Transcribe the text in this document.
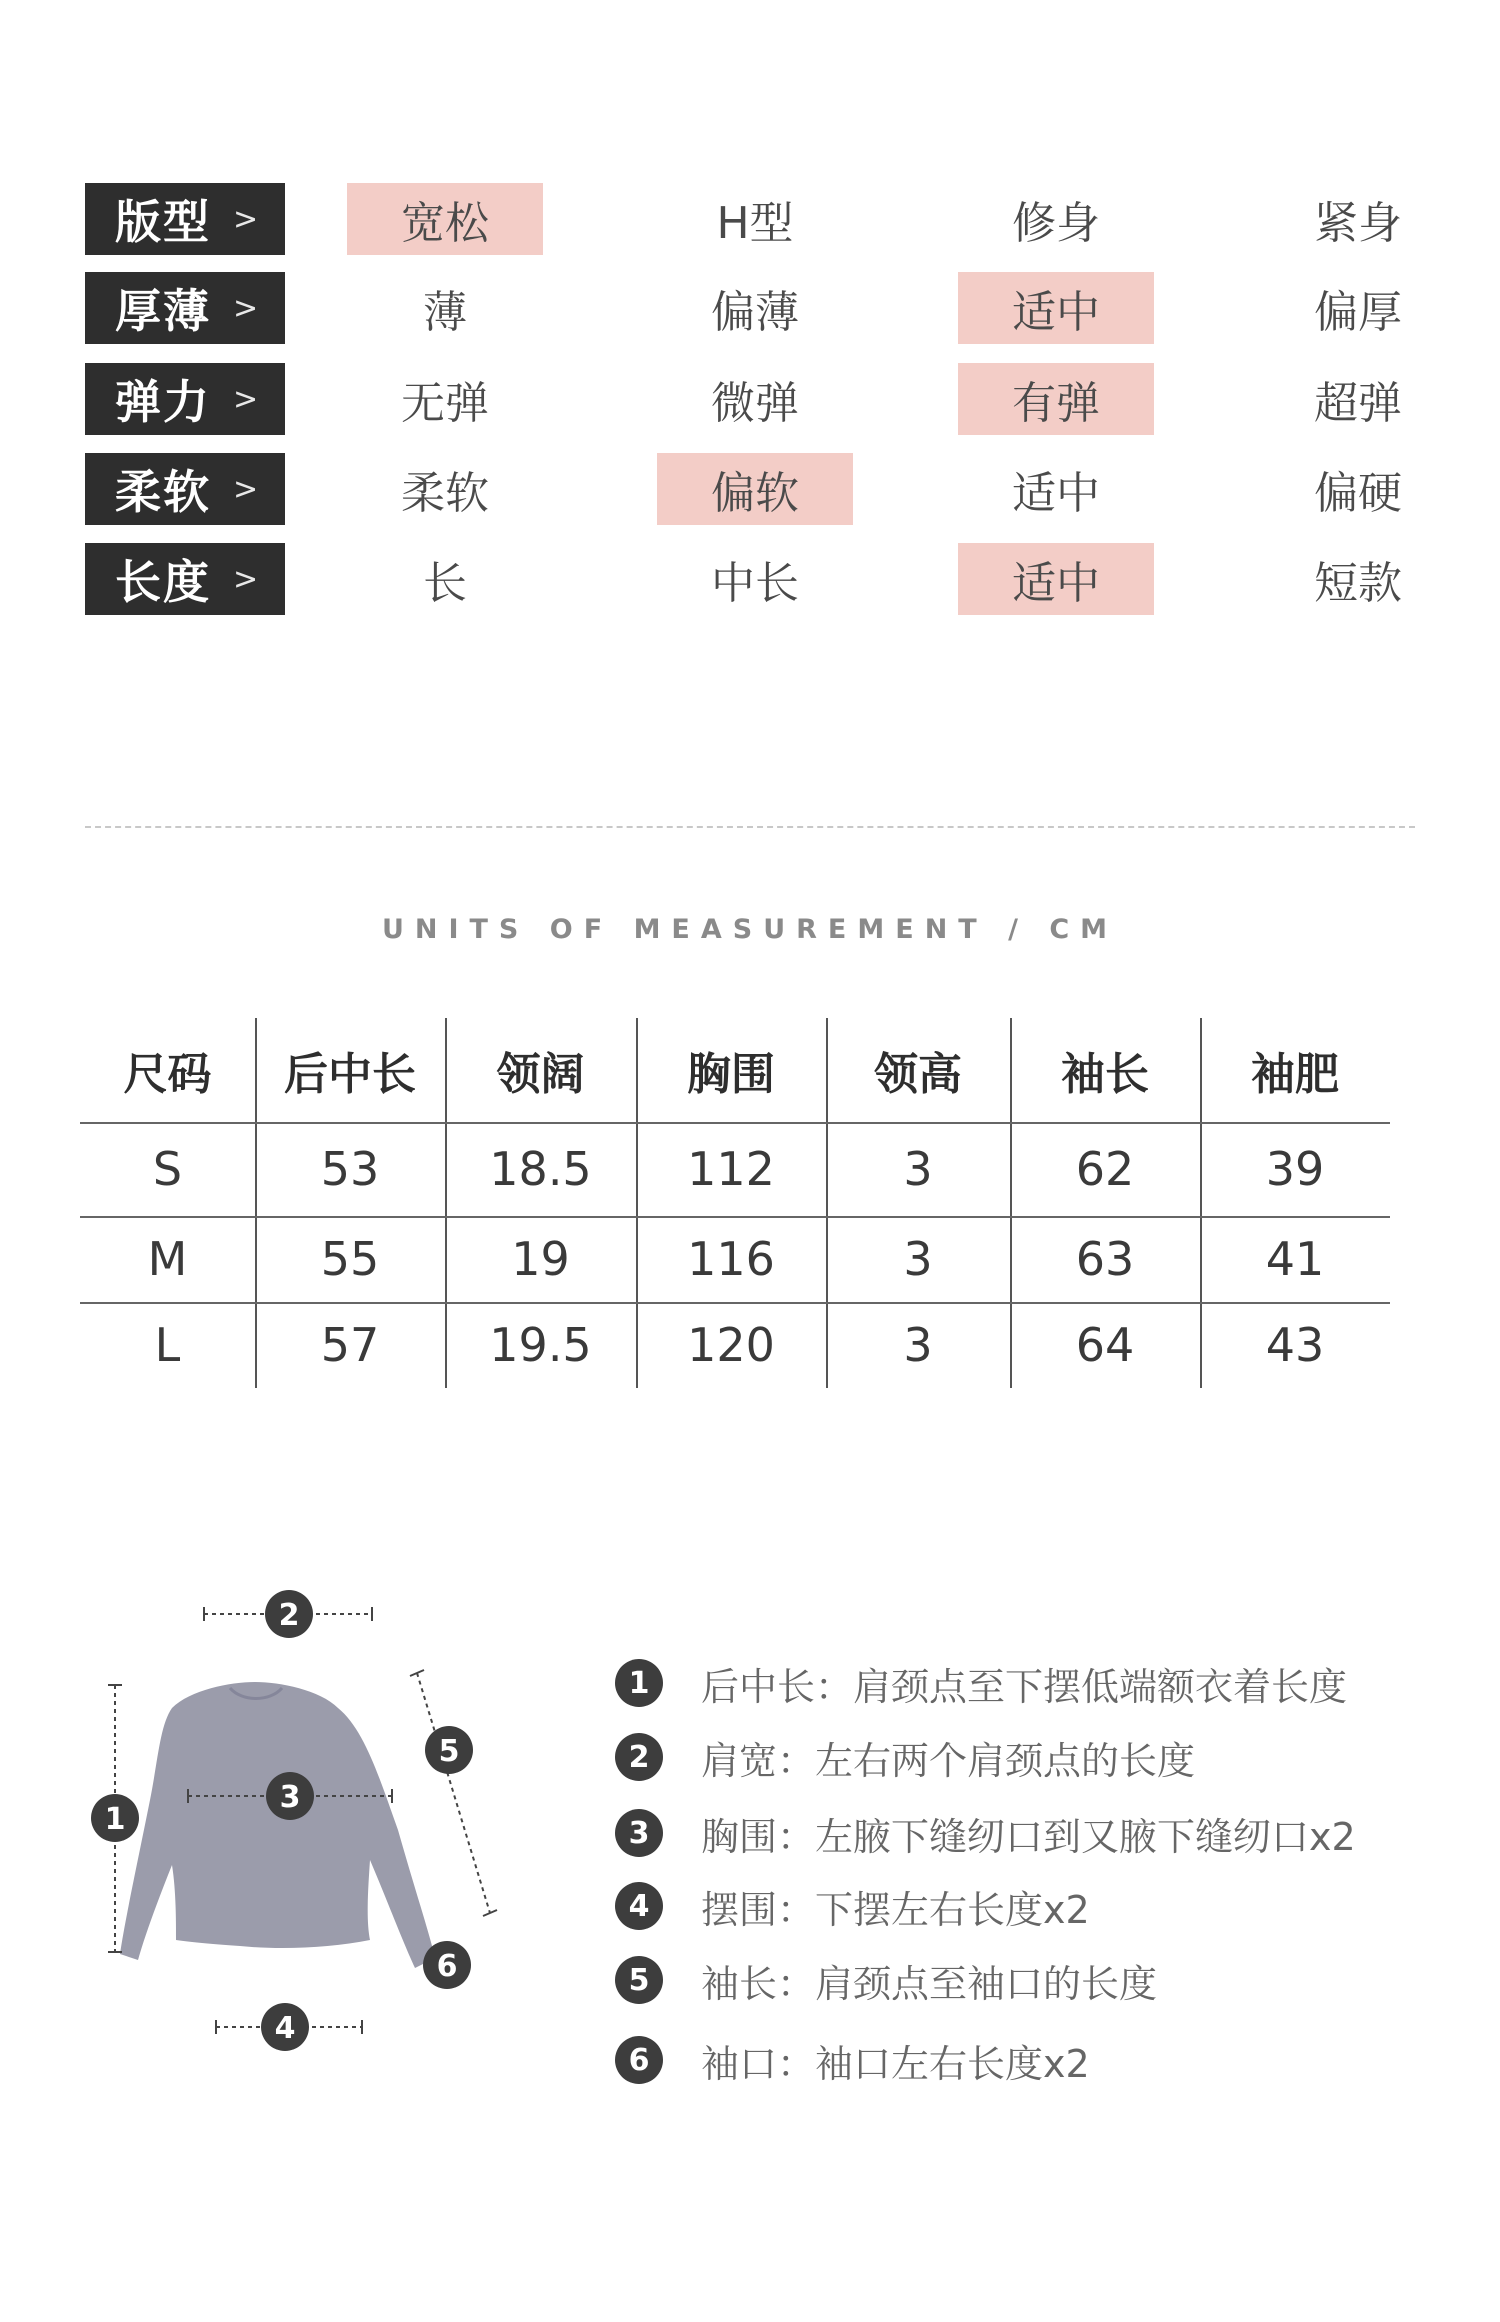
版型 >	宽松	H型	修身	紧身
厚薄 >	薄	偏薄	适中	偏厚
弹力 >	无弹	微弹	有弹	超弹
柔软 >	柔软	偏软	适中	偏硬
长度 >	长	中长	适中	短款
UNITS OF MEASUREMENT / CM
尺码	后中长	领阔	胸围	领高	袖长	袖肥
S	53	18.5	112	3	62	39
M	55	19	116	3	63	41
L	57	19.5	120	3	64	43
1
2
3
4
5
6
1	后中长：肩颈点至下摆低端额衣着长度
2	肩宽：左右两个肩颈点的长度
3	胸围：左腋下缝纫口到又腋下缝纫口x2
4	摆围：下摆左右长度x2
5	袖长：肩颈点至袖口的长度
6	袖口：袖口左右长度x2
